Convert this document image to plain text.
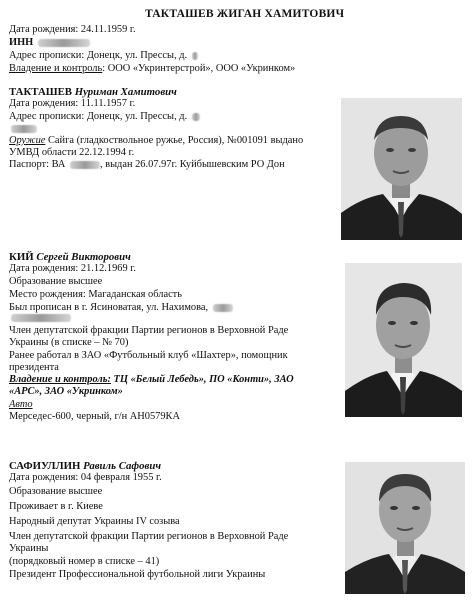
ТАКТАШЕВ ЖИГАН ХАМИТОВИЧ
Дата рождения: 24.11.1959 г.
ИНН
Адрес прописки: Донецк, ул. Прессы, д.
Владение и контроль: ООО «Укринтерстрой», ООО «Укринком»
ТАКТАШЕВ Нуриман Хамитович
Дата рождения: 11.11.1957 г.
Адрес прописки: Донецк, ул. Прессы, д.
Оружие Сайга (гладкоствольное ружье, Россия), №001091 выдано
УМВД области 22.12.1994 г.
Паспорт: ВА	, выдан 26.07.97г. Куйбышевским РО Дон
КИЙ Сергей Викторович
Дата рождения: 21.12.1969 г.
Образование высшее
Место рождения: Магаданская область
Был прописан в г. Ясиноватая, ул. Нахимова,
Член депутатской фракции Партии регионов в Верховной Раде
Украины (в списке – № 70)
Ранее работал в ЗАО «Футбольный клуб «Шахтер», помощник
президента
Владение и контроль: ТЦ «Белый Лебедь», ПО «Конти», ЗАО
«АРС», ЗАО «Укринком»
Авто
Мерседес-600, черный, г/н АН0579КА
САФИУЛЛИН Равиль Сафович
Дата рождения: 04 февраля 1955 г.
Образование высшее
Проживает в г. Киеве
Народный депутат Украины IV созыва
Член депутатской фракции Партии регионов в Верховной Раде
Украины
(порядковый номер в списке – 41)
Президент Профессиональной футбольной лиги Украины
